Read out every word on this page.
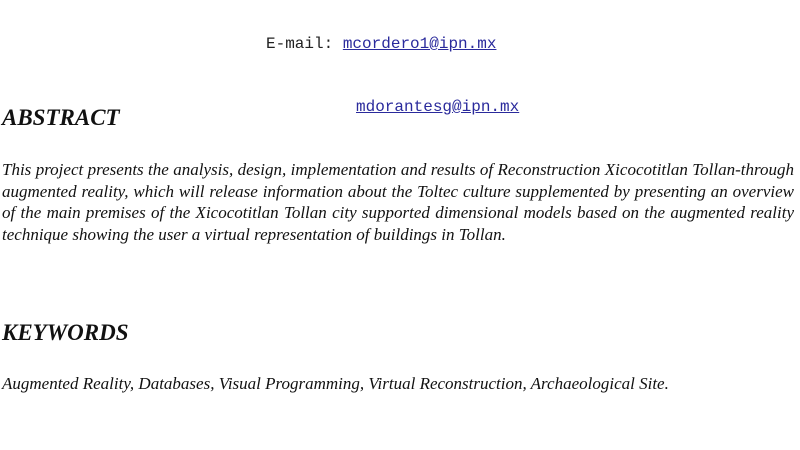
E-mail: mcordero1@ipn.mx

mdorantesg@ipn.mx

ABSTRACT

This project presents the analysis, design, implementation and results of Reconstruction Xicocotitlan Tollan-through augmented reality, which will release information about the Toltec culture supplemented by presenting an overview of the main premises of the Xicocotitlan Tollan city supported dimensional models based on the augmented reality technique showing the user a virtual representation of buildings in Tollan.

KEYWORDS

Augmented Reality, Databases, Visual Programming, Virtual Reconstruction, Archaeological Site.
